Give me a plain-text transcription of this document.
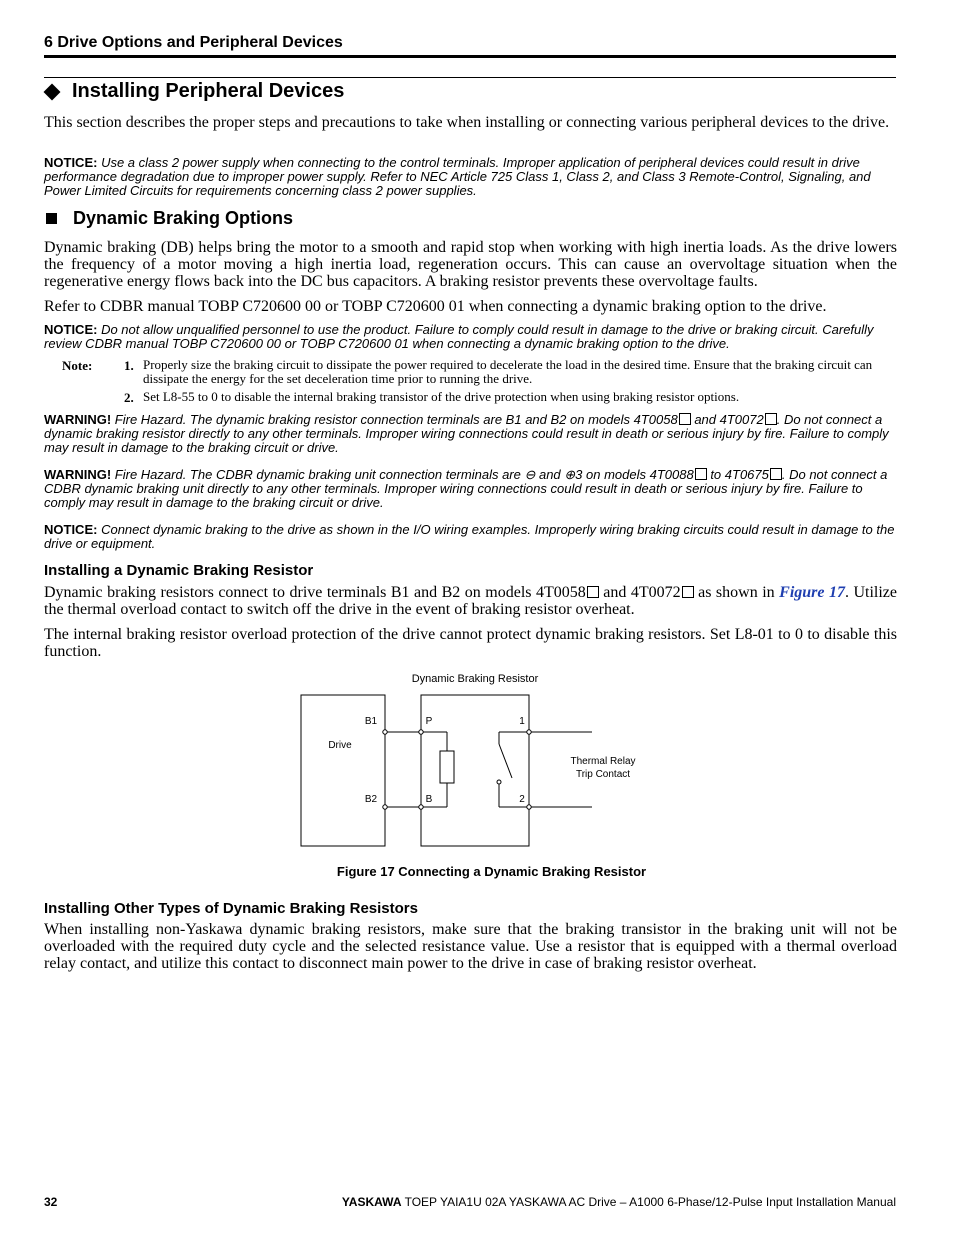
6 Drive Options and Peripheral Devices
Installing Peripheral Devices
This section describes the proper steps and precautions to take when installing or connecting various peripheral devices to the drive.
NOTICE: Use a class 2 power supply when connecting to the control terminals. Improper application of peripheral devices could result in drive performance degradation due to improper power supply. Refer to NEC Article 725 Class 1, Class 2, and Class 3 Remote-Control, Signaling, and Power Limited Circuits for requirements concerning class 2 power supplies.
Dynamic Braking Options
Dynamic braking (DB) helps bring the motor to a smooth and rapid stop when working with high inertia loads. As the drive lowers the frequency of a motor moving a high inertia load, regeneration occurs. This can cause an overvoltage situation when the regenerative energy flows back into the DC bus capacitors. A braking resistor prevents these overvoltage faults.
Refer to CDBR manual TOBP C720600 00 or TOBP C720600 01 when connecting a dynamic braking option to the drive.
NOTICE: Do not allow unqualified personnel to use the product. Failure to comply could result in damage to the drive or braking circuit. Carefully review CDBR manual TOBP C720600 00 or TOBP C720600 01 when connecting a dynamic braking option to the drive.
Note: 1. Properly size the braking circuit to dissipate the power required to decelerate the load in the desired time. Ensure that the braking circuit can dissipate the energy for the set deceleration time prior to running the drive.
2. Set L8-55 to 0 to disable the internal braking transistor of the drive protection when using braking resistor options.
WARNING! Fire Hazard. The dynamic braking resistor connection terminals are B1 and B2 on models 4T0058 and 4T0072 . Do not connect a dynamic braking resistor directly to any other terminals. Improper wiring connections could result in death or serious injury by fire. Failure to comply may result in damage to the braking circuit or drive.
WARNING! Fire Hazard. The CDBR dynamic braking unit connection terminals are ⊖ and ⊕3 on models 4T0088 to 4T0675 . Do not connect a CDBR dynamic braking unit directly to any other terminals. Improper wiring connections could result in death or serious injury by fire. Failure to comply may result in damage to the braking circuit or drive.
NOTICE: Connect dynamic braking to the drive as shown in the I/O wiring examples. Improperly wiring braking circuits could result in damage to the drive or equipment.
Installing a Dynamic Braking Resistor
Dynamic braking resistors connect to drive terminals B1 and B2 on models 4T0058 and 4T0072 as shown in Figure 17. Utilize the thermal overload contact to switch off the drive in the event of braking resistor overheat.
The internal braking resistor overload protection of the drive cannot protect dynamic braking resistors. Set L8-01 to 0 to disable this function.
Dynamic Braking Resistor
Drive
B1
B2
P
B
1
2
Thermal Relay
Trip Contact
Figure 17 Connecting a Dynamic Braking Resistor
Installing Other Types of Dynamic Braking Resistors
When installing non-Yaskawa dynamic braking resistors, make sure that the braking transistor in the braking unit will not be overloaded with the required duty cycle and the selected resistance value. Use a resistor that is equipped with a thermal overload relay contact, and utilize this contact to disconnect main power to the drive in case of braking resistor overheat.
32	YASKAWA TOEP YAIA1U 02A YASKAWA AC Drive – A1000 6-Phase/12-Pulse Input Installation Manual
